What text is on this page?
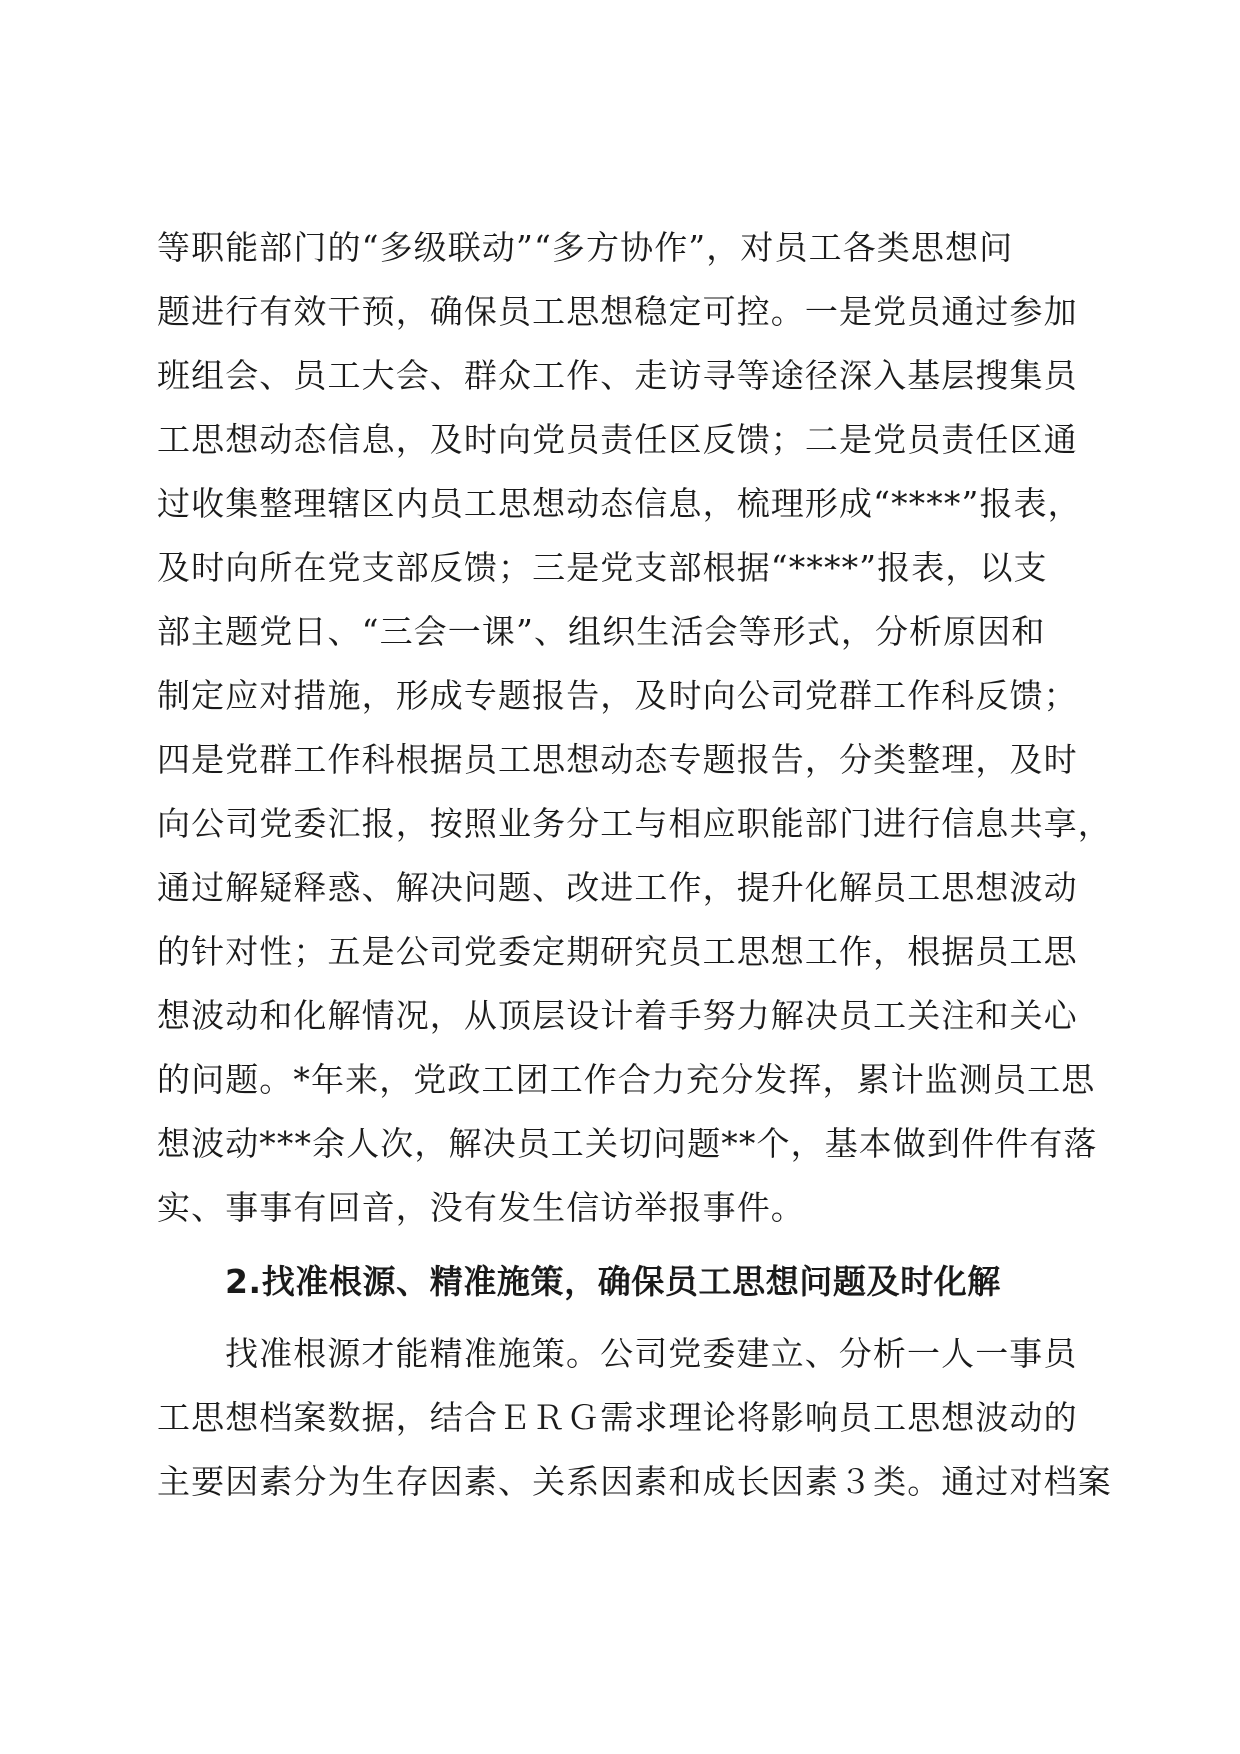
等职能部门的“多级联动”“多方协作”，对员工各类思想问
题进行有效干预，确保员工思想稳定可控。一是党员通过参加
班组会、员工大会、群众工作、走访寻等途径深入基层搜集员
工思想动态信息，及时向党员责任区反馈；二是党员责任区通
过收集整理辖区内员工思想动态信息，梳理形成“****”报表，
及时向所在党支部反馈；三是党支部根据“****”报表，以支
部主题党日、“三会一课”、组织生活会等形式，分析原因和
制定应对措施，形成专题报告，及时向公司党群工作科反馈；
四是党群工作科根据员工思想动态专题报告，分类整理，及时
向公司党委汇报，按照业务分工与相应职能部门进行信息共享，
通过解疑释惑、解决问题、改进工作，提升化解员工思想波动
的针对性；五是公司党委定期研究员工思想工作，根据员工思
想波动和化解情况，从顶层设计着手努力解决员工关注和关心
的问题。*年来，党政工团工作合力充分发挥，累计监测员工思
想波动***余人次，解决员工关切问题**个，基本做到件件有落
实、事事有回音，没有发生信访举报事件。
2.找准根源、精准施策，确保员工思想问题及时化解
找准根源才能精准施策。公司党委建立、分析一人一事员
工思想档案数据，结合ＥＲＧ需求理论将影响员工思想波动的
主要因素分为生存因素、关系因素和成长因素３类。通过对档案
